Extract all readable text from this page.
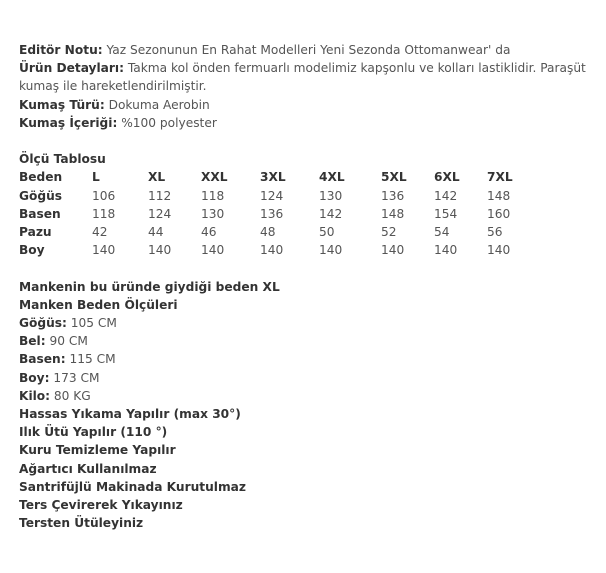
Editör Notu: Yaz Sezonunun En Rahat Modelleri Yeni Sezonda Ottomanwear' da
Ürün Detayları: Takma kol önden fermuarlı modelimiz kapşonlu ve kolları lastiklidir. Paraşüt kumaş ile hareketlendirilmiştir.
Kumaş Türü: Dokuma Aerobin
Kumaş İçeriği: %100 polyester
Ölçü Tablosu
Beden	L	XL	XXL	3XL	4XL	5XL	6XL	7XL
Göğüs	106	112	118	124	130	136	142	148
Basen	118	124	130	136	142	148	154	160
Pazu	42	44	46	48	50	52	54	56
Boy	140	140	140	140	140	140	140	140
Mankenin bu üründe giydiği beden XL
Manken Beden Ölçüleri
Göğüs: 105 CM
Bel: 90 CM
Basen: 115 CM
Boy: 173 CM
Kilo: 80 KG
Hassas Yıkama Yapılır (max 30°)
Ilık Ütü Yapılır (110 °)
Kuru Temizleme Yapılır
Ağartıcı Kullanılmaz
Santrifüjlü Makinada Kurutulmaz
Ters Çevirerek Yıkayınız
Tersten Ütüleyiniz
